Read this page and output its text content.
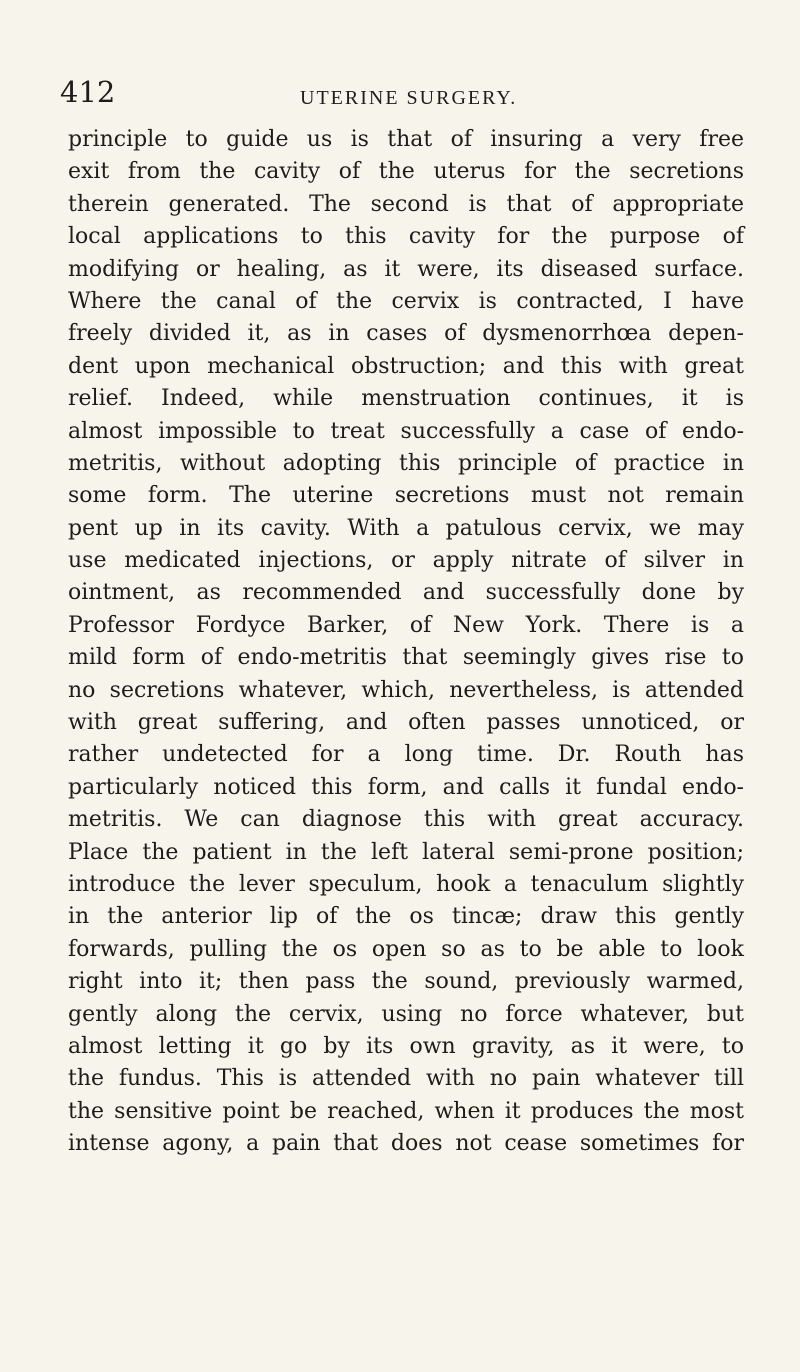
412	UTERINE SURGERY.
principle to guide us is that of insuring a very free
exit from the cavity of the uterus for the secretions
therein generated. The second is that of appropriate
local applications to this cavity for the purpose of
modifying or healing, as it were, its diseased surface.
Where the canal of the cervix is contracted, I have
freely divided it, as in cases of dysmenorrhœa depen-
dent upon mechanical obstruction; and this with great
relief. Indeed, while menstruation continues, it is
almost impossible to treat successfully a case of endo-
metritis, without adopting this principle of practice in
some form. The uterine secretions must not remain
pent up in its cavity. With a patulous cervix, we may
use medicated injections, or apply nitrate of silver in
ointment, as recommended and successfully done by
Professor Fordyce Barker, of New York. There is a
mild form of endo-metritis that seemingly gives rise to
no secretions whatever, which, nevertheless, is attended
with great suffering, and often passes unnoticed, or
rather undetected for a long time. Dr. Routh has
particularly noticed this form, and calls it fundal endo-
metritis. We can diagnose this with great accuracy.
Place the patient in the left lateral semi-prone position;
introduce the lever speculum, hook a tenaculum slightly
in the anterior lip of the os tincæ; draw this gently
forwards, pulling the os open so as to be able to look
right into it; then pass the sound, previously warmed,
gently along the cervix, using no force whatever, but
almost letting it go by its own gravity, as it were, to
the fundus. This is attended with no pain whatever till
the sensitive point be reached, when it produces the most
intense agony, a pain that does not cease sometimes for
